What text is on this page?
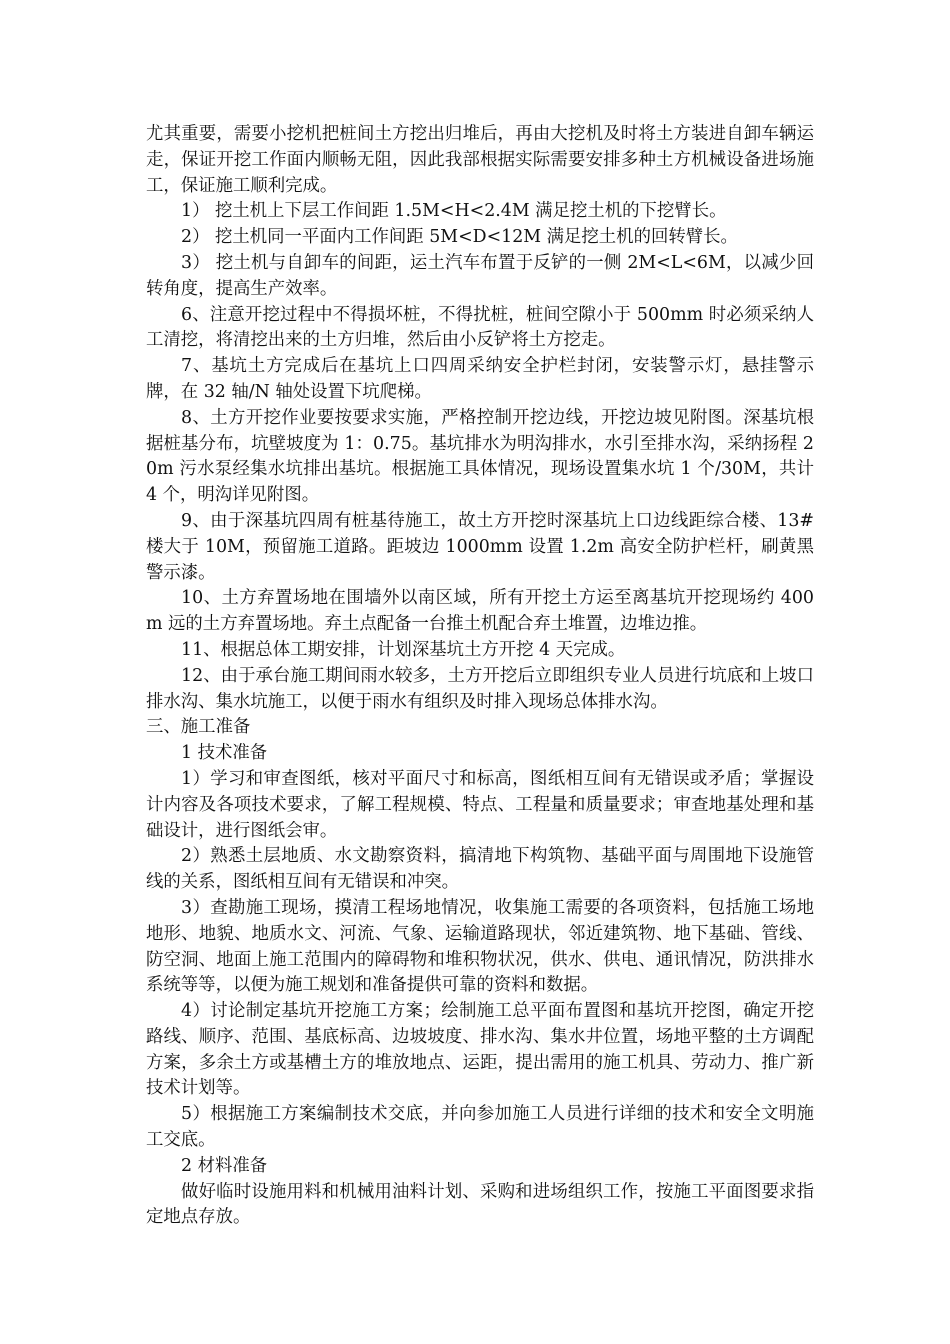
尤其重要，需要小挖机把桩间土方挖出归堆后，再由大挖机及时将土方装进自卸车辆运走，保证开挖工作面内顺畅无阻，因此我部根据实际需要安排多种土方机械设备进场施工，保证施工顺利完成。

1） 挖土机上下层工作间距 1.5M<H<2.4M 满足挖土机的下挖臂长。

2） 挖土机同一平面内工作间距 5M<D<12M 满足挖土机的回转臂长。

3） 挖土机与自卸车的间距，运土汽车布置于反铲的一侧 2M<L<6M，以减少回转角度，提高生产效率。

6、注意开挖过程中不得损坏桩，不得扰桩，桩间空隙小于 500mm 时必须采纳人工清挖，将清挖出来的土方归堆，然后由小反铲将土方挖走。

7、基坑土方完成后在基坑上口四周采纳安全护栏封闭，安装警示灯，悬挂警示牌，在 32 轴/N 轴处设置下坑爬梯。

8、土方开挖作业要按要求实施，严格控制开挖边线，开挖边坡见附图。深基坑根据桩基分布，坑壁坡度为 1：0.75。基坑排水为明沟排水，水引至排水沟，采纳扬程 20m 污水泵经集水坑排出基坑。根据施工具体情况，现场设置集水坑 1 个/30M，共计 4 个，明沟详见附图。

9、由于深基坑四周有桩基待施工，故土方开挖时深基坑上口边线距综合楼、13#楼大于 10M，预留施工道路。距坡边 1000mm 设置 1.2m 高安全防护栏杆，刷黄黑警示漆。

10、土方弃置场地在围墙外以南区域，所有开挖土方运至离基坑开挖现场约 400m 远的土方弃置场地。弃土点配备一台推土机配合弃土堆置，边堆边推。

11、根据总体工期安排，计划深基坑土方开挖 4 天完成。

12、由于承台施工期间雨水较多，土方开挖后立即组织专业人员进行坑底和上坡口排水沟、集水坑施工，以便于雨水有组织及时排入现场总体排水沟。

三、施工准备

1 技术准备

1）学习和审查图纸，核对平面尺寸和标高，图纸相互间有无错误或矛盾；掌握设计内容及各项技术要求，了解工程规模、特点、工程量和质量要求；审查地基处理和基础设计，进行图纸会审。

2）熟悉土层地质、水文勘察资料，搞清地下构筑物、基础平面与周围地下设施管线的关系，图纸相互间有无错误和冲突。

3）查勘施工现场，摸清工程场地情况，收集施工需要的各项资料，包括施工场地地形、地貌、地质水文、河流、气象、运输道路现状，邻近建筑物、地下基础、管线、防空洞、地面上施工范围内的障碍物和堆积物状况，供水、供电、通讯情况，防洪排水系统等等，以便为施工规划和准备提供可靠的资料和数据。

4）讨论制定基坑开挖施工方案；绘制施工总平面布置图和基坑开挖图，确定开挖路线、顺序、范围、基底标高、边坡坡度、排水沟、集水井位置，场地平整的土方调配方案，多余土方或基槽土方的堆放地点、运距，提出需用的施工机具、劳动力、推广新技术计划等。

5）根据施工方案编制技术交底，并向参加施工人员进行详细的技术和安全文明施工交底。

2 材料准备

做好临时设施用料和机械用油料计划、采购和进场组织工作，按施工平面图要求指定地点存放。
